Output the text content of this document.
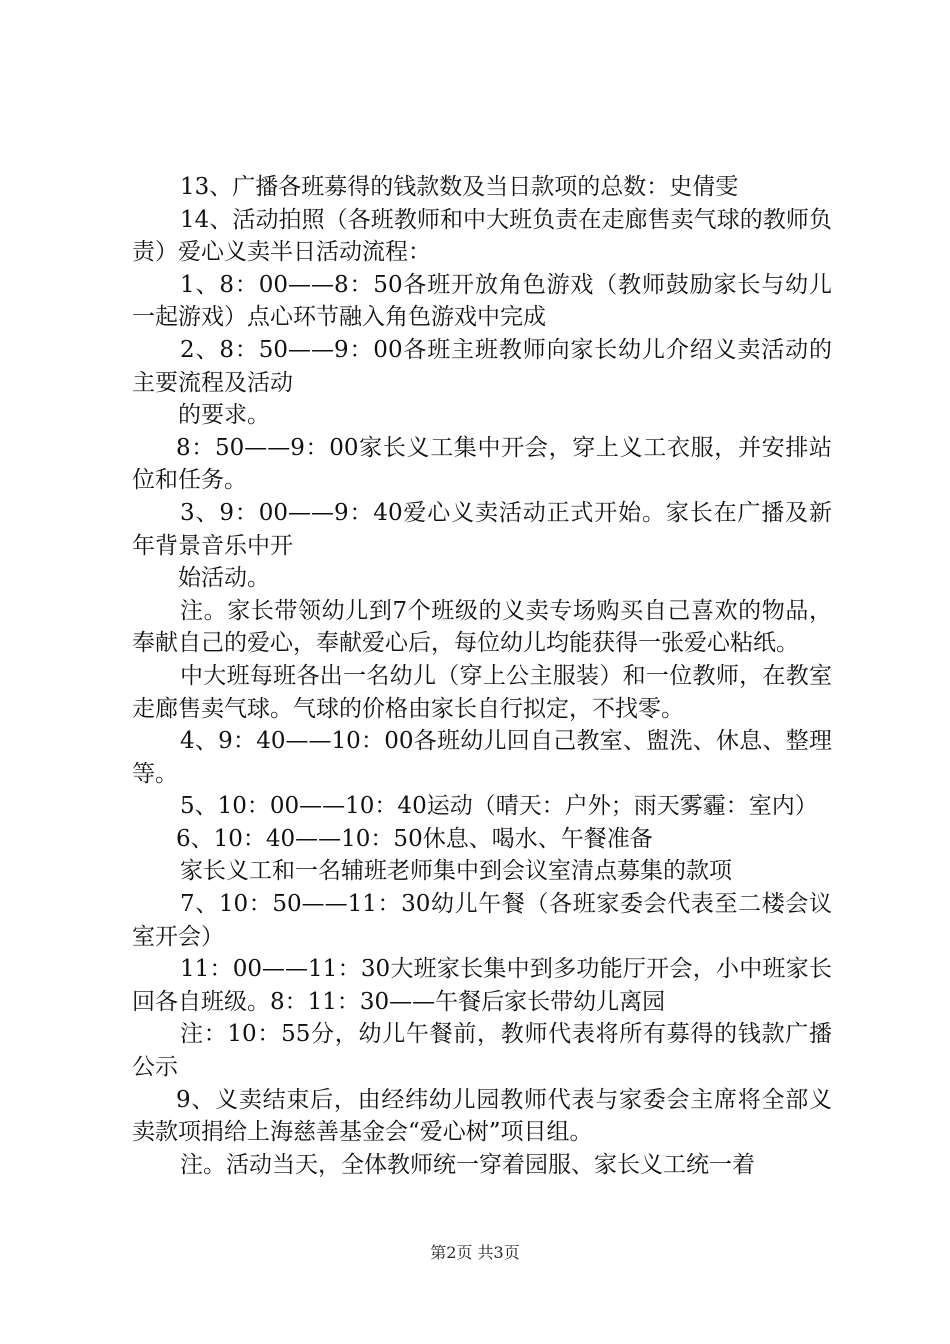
13、广播各班募得的钱款数及当日款项的总数：史倩雯

14、活动拍照（各班教师和中大班负责在走廊售卖气球的教师负责）爱心义卖半日活动流程：

1、8：00——8：50各班开放角色游戏（教师鼓励家长与幼儿一起游戏）点心环节融入角色游戏中完成

2、8：50——9：00各班主班教师向家长幼儿介绍义卖活动的主要流程及活动

的要求。

8：50——9：00家长义工集中开会，穿上义工衣服，并安排站位和任务。

3、9：00——9：40爱心义卖活动正式开始。家长在广播及新年背景音乐中开

始活动。

注。家长带领幼儿到7个班级的义卖专场购买自己喜欢的物品，奉献自己的爱心，奉献爱心后，每位幼儿均能获得一张爱心粘纸。

中大班每班各出一名幼儿（穿上公主服装）和一位教师，在教室走廊售卖气球。气球的价格由家长自行拟定，不找零。

4、9：40——10：00各班幼儿回自己教室、盥洗、休息、整理等。

5、10：00——10：40运动（晴天：户外；雨天雾霾：室内）

6、10：40——10：50休息、喝水、午餐准备

家长义工和一名辅班老师集中到会议室清点募集的款项

7、10：50——11：30幼儿午餐（各班家委会代表至二楼会议室开会）

11：00——11：30大班家长集中到多功能厅开会，小中班家长回各自班级。8：11：30——午餐后家长带幼儿离园

注：10：55分，幼儿午餐前，教师代表将所有募得的钱款广播公示

9、义卖结束后，由经纬幼儿园教师代表与家委会主席将全部义卖款项捐给上海慈善基金会“爱心树”项目组。

注。活动当天，全体教师统一穿着园服、家长义工统一着

第2页 共3页
